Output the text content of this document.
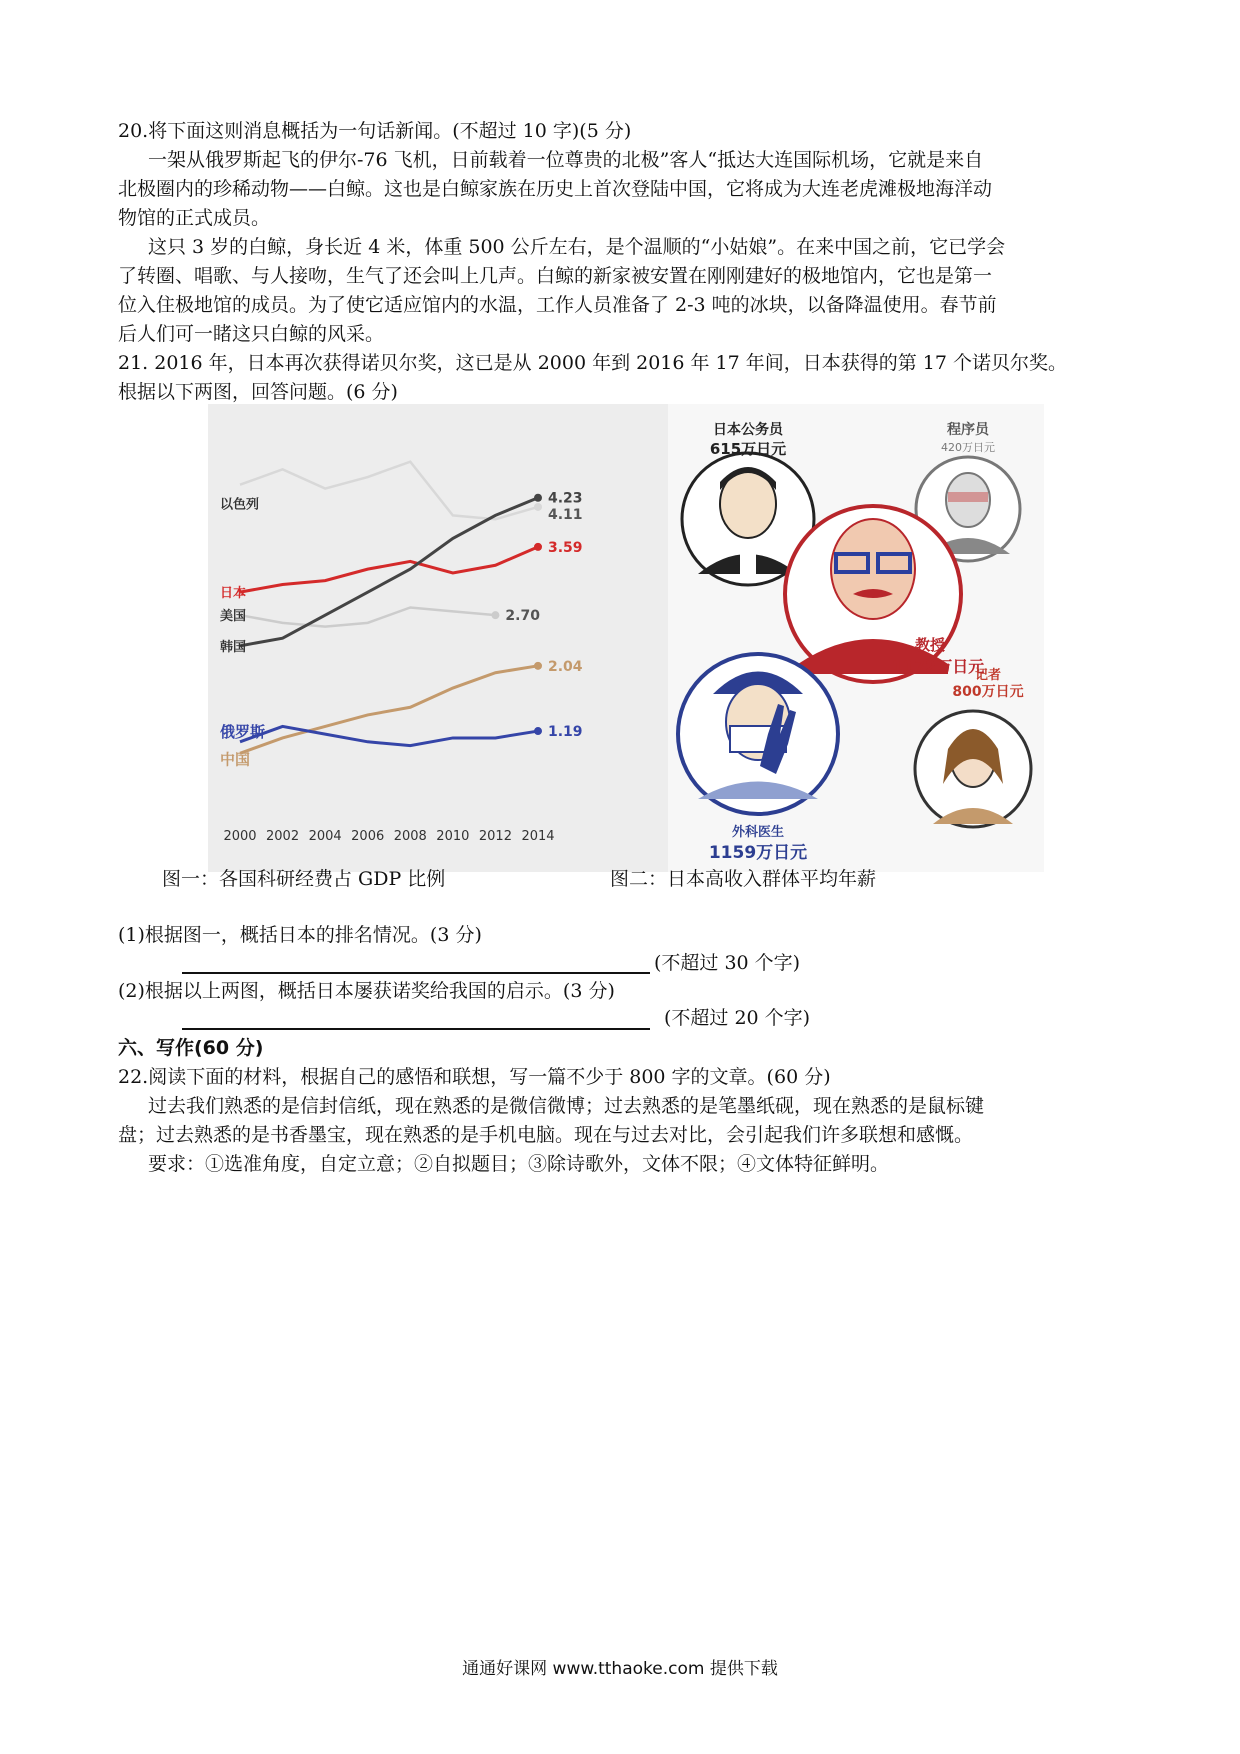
20.将下面这则消息概括为一句话新闻。(不超过 10 字)(5 分)
一架从俄罗斯起飞的伊尔-76 飞机，日前载着一位尊贵的北极”客人“抵达大连国际机场，它就是来自
北极圈内的珍稀动物——白鲸。这也是白鲸家族在历史上首次登陆中国，它将成为大连老虎滩极地海洋动
物馆的正式成员。
这只 3 岁的白鲸，身长近 4 米，体重 500 公斤左右，是个温顺的“小姑娘”。在来中国之前，它已学会
了转圈、唱歌、与人接吻，生气了还会叫上几声。白鲸的新家被安置在刚刚建好的极地馆内，它也是第一
位入住极地馆的成员。为了使它适应馆内的水温，工作人员准备了 2-3 吨的冰块，以备降温使用。春节前
后人们可一睹这只白鲸的风采。
21. 2016 年，日本再次获得诺贝尔奖，这已是从 2000 年到 2016 年 17 年间，日本获得的第 17 个诺贝尔奖。
根据以下两图，回答问题。(6 分)
4.11
以色列
3.59
日本
2.70
美国
4.23
韩国
2.04
中国
1.19
俄罗斯
2000 2002 2004 2006 2008 2010 2012 2014
日本公务员
615万日元
程序员
420万日元
教授
1172万日元
记者
800万日元
外科医生
1159万日元
图一：各国科研经费占 GDP 比例	图二：日本高收入群体平均年薪
(1)根据图一，概括日本的排名情况。(3 分)
(不超过 30 个字)
(2)根据以上两图，概括日本屡获诺奖给我国的启示。(3 分)
(不超过 20 个字)
六、写作(60 分)
22.阅读下面的材料，根据自己的感悟和联想，写一篇不少于 800 字的文章。(60 分)
过去我们熟悉的是信封信纸，现在熟悉的是微信微博；过去熟悉的是笔墨纸砚，现在熟悉的是鼠标键
盘；过去熟悉的是书香墨宝，现在熟悉的是手机电脑。现在与过去对比，会引起我们许多联想和感慨。
要求：①选准角度，自定立意；②自拟题目；③除诗歌外，文体不限；④文体特征鲜明。
通通好课网 www.tthaoke.com 提供下载
